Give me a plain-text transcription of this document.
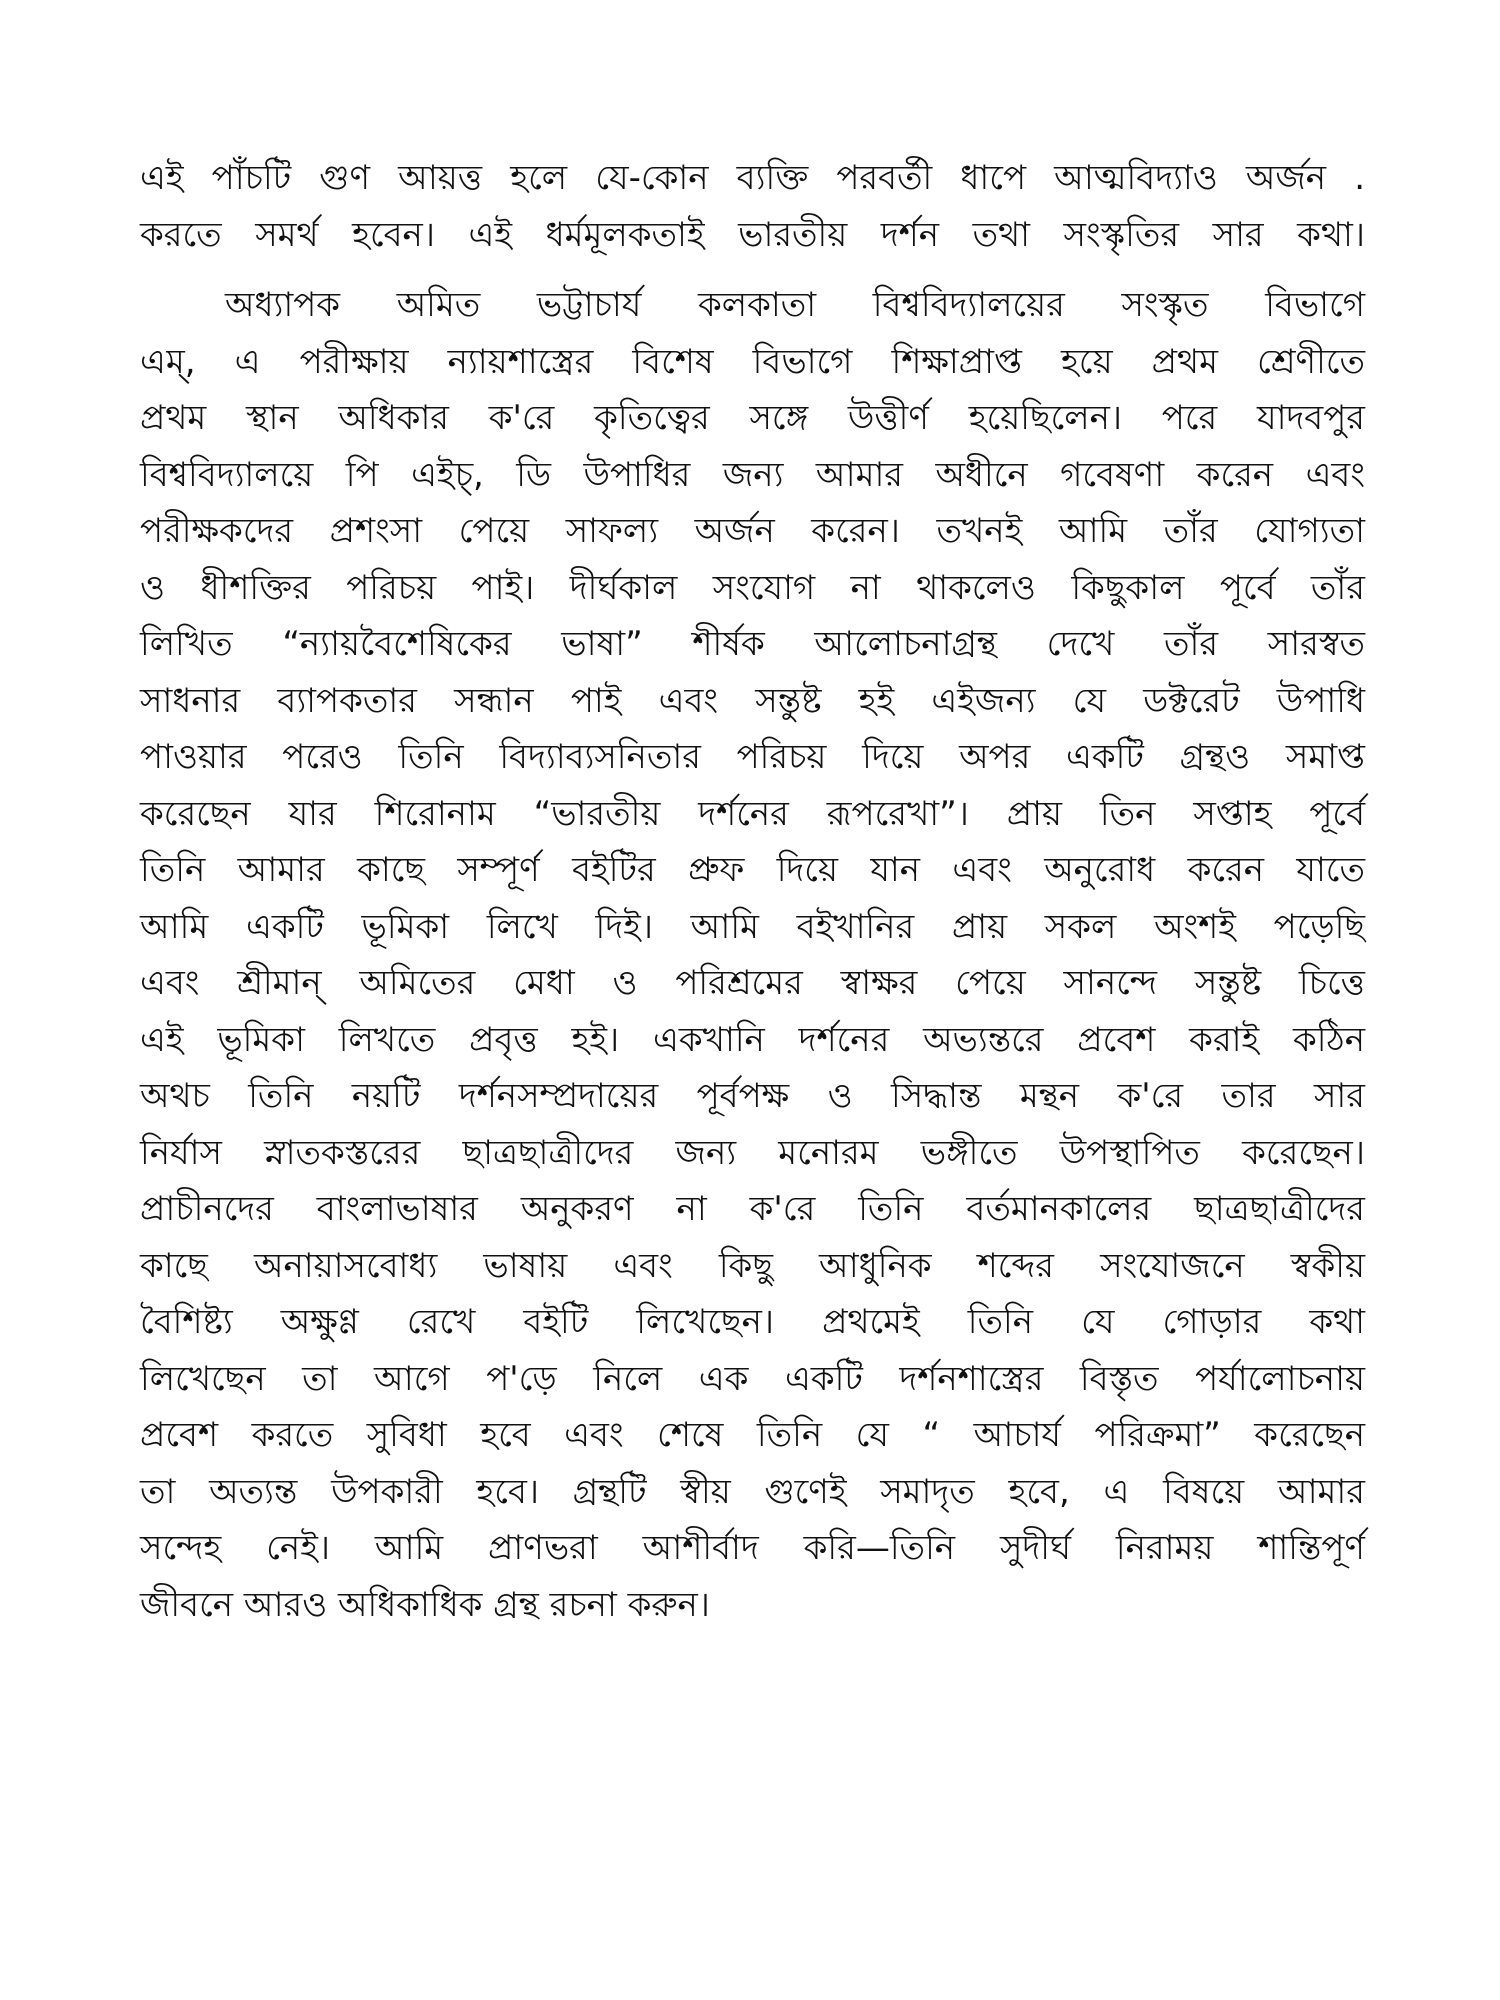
এই পাঁচটি গুণ আয়ত্ত হলে যে-কোন ব্যক্তি পরবর্তী ধাপে আত্মবিদ্যাও অর্জন .
করতে সমর্থ হবেন। এই ধর্মমূলকতাই ভারতীয় দর্শন তথা সংস্কৃতির সার কথা।
অধ্যাপক অমিত ভট্টাচার্য কলকাতা বিশ্ববিদ্যালয়ের সংস্কৃত বিভাগে
এম্, এ পরীক্ষায় ন্যায়শাস্ত্রের বিশেষ বিভাগে শিক্ষাপ্রাপ্ত হয়ে প্রথম শ্রেণীতে
প্রথম স্থান অধিকার ক'রে কৃতিত্বের সঙ্গে উত্তীর্ণ হয়েছিলেন। পরে যাদবপুর
বিশ্ববিদ্যালয়ে পি এইচ্, ডি উপাধির জন্য আমার অধীনে গবেষণা করেন এবং
পরীক্ষকদের প্রশংসা পেয়ে সাফল্য অর্জন করেন। তখনই আমি তাঁর যোগ্যতা
ও ধীশক্তির পরিচয় পাই। দীর্ঘকাল সংযোগ না থাকলেও কিছুকাল পূর্বে তাঁর
লিখিত “ন্যায়বৈশেষিকের ভাষা” শীর্ষক আলোচনাগ্রন্থ দেখে তাঁর সারস্বত
সাধনার ব্যাপকতার সন্ধান পাই এবং সন্তুষ্ট হই এইজন্য যে ডক্টরেট উপাধি
পাওয়ার পরেও তিনি বিদ্যাব্যসনিতার পরিচয় দিয়ে অপর একটি গ্রন্থও সমাপ্ত
করেছেন যার শিরোনাম “ভারতীয় দর্শনের রূপরেখা”। প্রায় তিন সপ্তাহ পূর্বে
তিনি আমার কাছে সম্পূর্ণ বইটির প্রুফ দিয়ে যান এবং অনুরোধ করেন যাতে
আমি একটি ভূমিকা লিখে দিই। আমি বইখানির প্রায় সকল অংশই পড়েছি
এবং শ্রীমান্ অমিতের মেধা ও পরিশ্রমের স্বাক্ষর পেয়ে সানন্দে সন্তুষ্ট চিত্তে
এই ভূমিকা লিখতে প্রবৃত্ত হই। একখানি দর্শনের অভ্যন্তরে প্রবেশ করাই কঠিন
অথচ তিনি নয়টি দর্শনসম্প্রদায়ের পূর্বপক্ষ ও সিদ্ধান্ত মন্থন ক'রে তার সার
নির্যাস স্নাতকস্তরের ছাত্রছাত্রীদের জন্য মনোরম ভঙ্গীতে উপস্থাপিত করেছেন।
প্রাচীনদের বাংলাভাষার অনুকরণ না ক'রে তিনি বর্তমানকালের ছাত্রছাত্রীদের
কাছে অনায়াসবোধ্য ভাষায় এবং কিছু আধুনিক শব্দের সংযোজনে স্বকীয়
বৈশিষ্ট্য অক্ষুণ্ণ রেখে বইটি লিখেছেন। প্রথমেই তিনি যে গোড়ার কথা
লিখেছেন তা আগে প'ড়ে নিলে এক একটি দর্শনশাস্ত্রের বিস্তৃত পর্যালোচনায়
প্রবেশ করতে সুবিধা হবে এবং শেষে তিনি যে “ আচার্য পরিক্রমা” করেছেন
তা অত্যন্ত উপকারী হবে। গ্রন্থটি স্বীয় গুণেই সমাদৃত হবে, এ বিষয়ে আমার
সন্দেহ নেই। আমি প্রাণভরা আশীর্বাদ করি—তিনি সুদীর্ঘ নিরাময় শান্তিপূর্ণ
জীবনে আরও অধিকাধিক গ্রন্থ রচনা করুন।
